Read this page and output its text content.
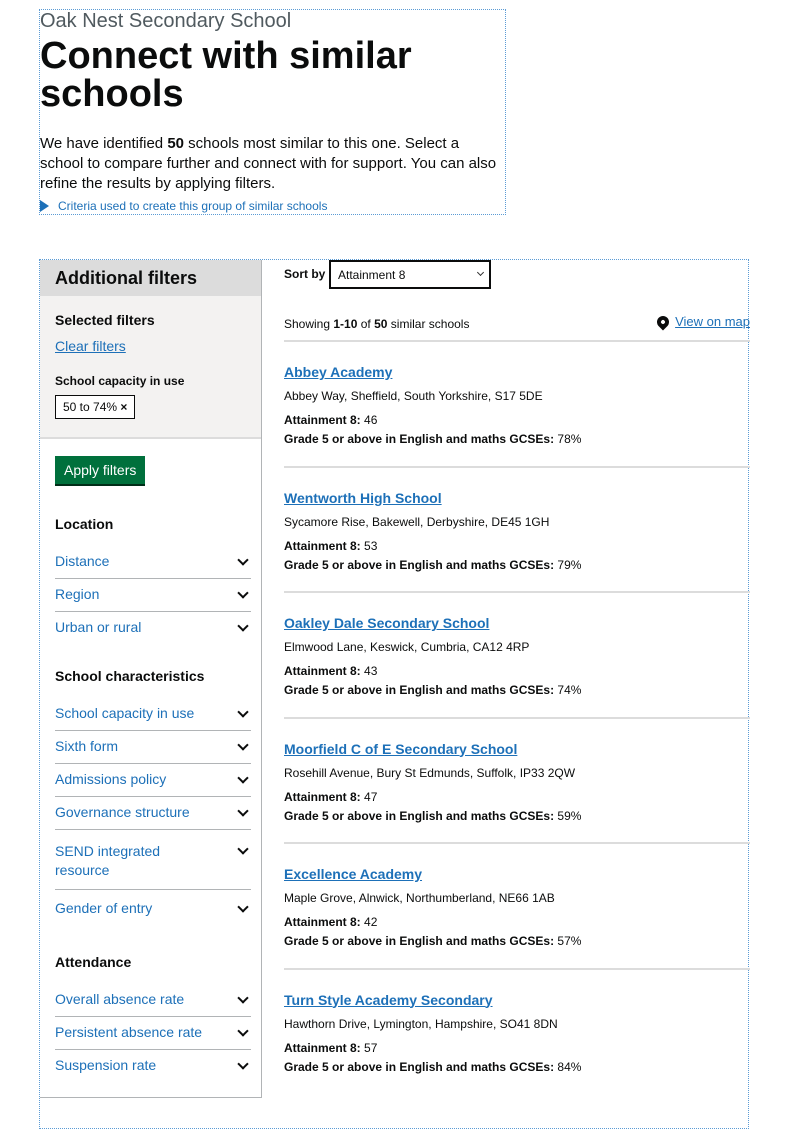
Oak Nest Secondary School
Connect with similar schools

We have identified 50 schools most similar to this one. Select a school to compare further and connect with for support. You can also refine the results by applying filters.

Criteria used to create this group of similar schools
Additional filters
Selected filters
Clear filters
School capacity in use
50 to 74% ×
Apply filters
Location
Distance
Region
Urban or rural
School characteristics
School capacity in use
Sixth form
Admissions policy
Governance structure
SEND integrated resource
Gender of entry
Attendance
Overall absence rate
Persistent absence rate
Suspension rate
Sort by	Attainment 8
Showing 1-10 of 50 similar schools	View on map
Abbey Academy
Abbey Way, Sheffield, South Yorkshire, S17 5DE
Attainment 8: 46
Grade 5 or above in English and maths GCSEs: 78%
Wentworth High School
Sycamore Rise, Bakewell, Derbyshire, DE45 1GH
Attainment 8: 53
Grade 5 or above in English and maths GCSEs: 79%
Oakley Dale Secondary School
Elmwood Lane, Keswick, Cumbria, CA12 4RP
Attainment 8: 43
Grade 5 or above in English and maths GCSEs: 74%
Moorfield C of E Secondary School
Rosehill Avenue, Bury St Edmunds, Suffolk, IP33 2QW
Attainment 8: 47
Grade 5 or above in English and maths GCSEs: 59%
Excellence Academy
Maple Grove, Alnwick, Northumberland, NE66 1AB
Attainment 8: 42
Grade 5 or above in English and maths GCSEs: 57%
Turn Style Academy Secondary
Hawthorn Drive, Lymington, Hampshire, SO41 8DN
Attainment 8: 57
Grade 5 or above in English and maths GCSEs: 84%
